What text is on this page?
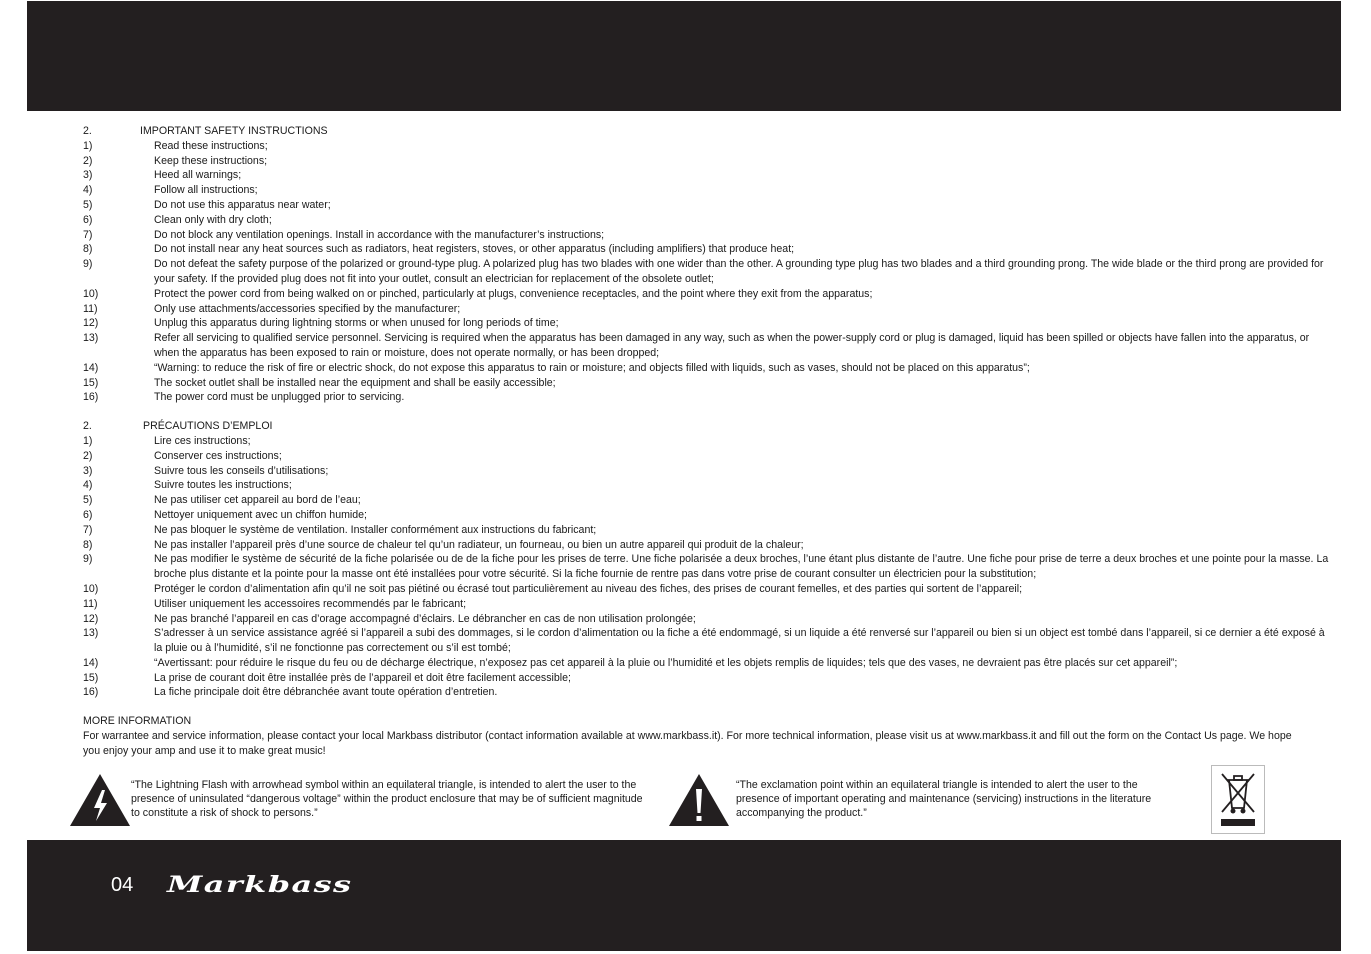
2.	IMPORTANT SAFETY INSTRUCTIONS
1)	Read these instructions;
2)	Keep these instructions;
3)	Heed all warnings;
4)	Follow all instructions;
5)	Do not use this apparatus near water;
6)	Clean only with dry cloth;
7)	Do not block any ventilation openings. Install in accordance with the manufacturer’s instructions;
8)	Do not install near any heat sources such as radiators, heat registers, stoves, or other apparatus (including amplifiers) that produce heat;
9)	Do not defeat the safety purpose of the polarized or ground-type plug. A polarized plug has two blades with one wider than the other. A grounding type plug has two blades and a third grounding prong. The wide blade or the third prong are provided for your safety. If the provided plug does not fit into your outlet, consult an electrician for replacement of the obsolete outlet;
10)	Protect the power cord from being walked on or pinched, particularly at plugs, convenience receptacles, and the point where they exit from the apparatus;
11)	Only use attachments/accessories specified by the manufacturer;
12)	Unplug this apparatus during lightning storms or when unused for long periods of time;
13)	Refer all servicing to qualified service personnel. Servicing is required when the apparatus has been damaged in any way, such as when the power-supply cord or plug is damaged, liquid has been spilled or objects have fallen into the apparatus, or when the apparatus has been exposed to rain or moisture, does not operate normally, or has been dropped;
14)	“Warning: to reduce the risk of fire or electric shock, do not expose this apparatus to rain or moisture; and objects filled with liquids, such as vases, should not be placed on this apparatus”;
15)	The socket outlet shall be installed near the equipment and shall be easily accessible;
16)	The power cord must be unplugged prior to servicing.
2.	PRÉCAUTIONS D’EMPLOI
1)	Lire ces instructions;
2)	Conserver ces instructions;
3)	Suivre tous les conseils d’utilisations;
4)	Suivre toutes les instructions;
5)	Ne pas utiliser cet appareil au bord de l’eau;
6)	Nettoyer uniquement avec un chiffon humide;
7)	Ne pas bloquer le système de ventilation. Installer conformément aux instructions du fabricant;
8)	Ne pas installer l’appareil près d’une source de chaleur tel qu’un radiateur, un fourneau, ou bien un autre appareil qui produit de la chaleur;
9)	Ne pas modifier le système de sécurité de la fiche polarisée ou de de la fiche pour les prises de terre. Une fiche polarisée a deux broches, l’une étant plus distante de l’autre. Une fiche pour prise de terre a deux broches et une pointe pour la masse. La broche plus distante et la pointe pour la masse ont été installées pour votre sécurité. Si la fiche fournie de rentre pas dans votre prise de courant consulter un électricien pour la substitution;
10)	Protéger le cordon d’alimentation afin qu’il ne soit pas piétiné ou écrasé tout particulièrement au niveau des fiches, des prises de courant femelles, et des parties qui sortent de l’appareil;
11)	Utiliser uniquement les accessoires recommendés par le fabricant;
12)	Ne pas branché l’appareil en cas d’orage accompagné d’éclairs. Le débrancher en cas de non utilisation prolongée;
13)	S’adresser à un service assistance agréé si l’appareil a subi des dommages, si le cordon d’alimentation ou la fiche a été endommagé, si un liquide a été renversé sur l’appareil ou bien si un object est tombé dans l’appareil, si ce dernier a été exposé à la pluie ou à l’humidité, s’il ne fonctionne pas correctement ou s’il est tombé;
14)	“Avertissant: pour réduire le risque du feu ou de décharge électrique, n’exposez pas cet appareil à la pluie ou l’humidité et les objets remplis de liquides; tels que des vases, ne devraient pas être placés sur cet appareil”;
15)	La prise de courant doit être installée près de l’appareil et doit être facilement accessible;
16)	La fiche principale doit être débranchée avant toute opération d’entretien.
MORE INFORMATION
For warrantee and service information, please contact your local Markbass distributor (contact information available at www.markbass.it). For more technical information, please visit us at www.markbass.it and fill out the form on the Contact Us page. We hope you enjoy your amp and use it to make great music!
“The Lightning Flash with arrowhead symbol within an equilateral triangle, is intended to alert the user to the presence of uninsulated “dangerous voltage” within the product enclosure that may be of sufficient magnitude to constitute a risk of shock to persons.”
“The exclamation point within an equilateral triangle is intended to alert the user to the presence of important operating and maintenance (servicing) instructions in the literature accompanying the product.”
04 Markbass
